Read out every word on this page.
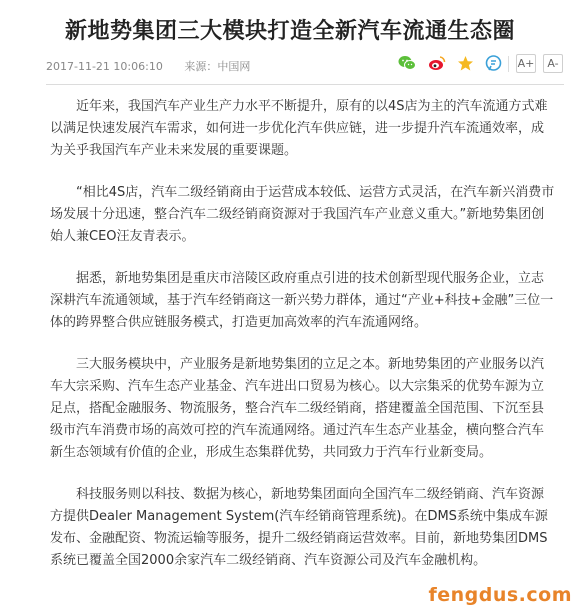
新地势集团三大模块打造全新汽车流通生态圈
2017-11-21 10:06:10 来源：中国网	A+	A-

近年来，我国汽车产业生产力水平不断提升，原有的以4S店为主的汽车流通方式难以满足快速发展汽车需求，如何进一步优化汽车供应链，进一步提升汽车流通效率，成为关乎我国汽车产业未来发展的重要课题。

“相比4S店，汽车二级经销商由于运营成本较低、运营方式灵活，在汽车新兴消费市场发展十分迅速，整合汽车二级经销商资源对于我国汽车产业意义重大。”新地势集团创始人兼CEO汪友青表示。

据悉，新地势集团是重庆市涪陵区政府重点引进的技术创新型现代服务企业，立志深耕汽车流通领域，基于汽车经销商这一新兴势力群体，通过“产业+科技+金融”三位一体的跨界整合供应链服务模式，打造更加高效率的汽车流通网络。

三大服务模块中，产业服务是新地势集团的立足之本。新地势集团的产业服务以汽车大宗采购、汽车生态产业基金、汽车进出口贸易为核心。以大宗集采的优势车源为立足点，搭配金融服务、物流服务，整合汽车二级经销商，搭建覆盖全国范围、下沉至县级市汽车消费市场的高效可控的汽车流通网络。通过汽车生态产业基金，横向整合汽车新生态领域有价值的企业，形成生态集群优势，共同致力于汽车行业新变局。

科技服务则以科技、数据为核心，新地势集团面向全国汽车二级经销商、汽车资源方提供Dealer Management System(汽车经销商管理系统)。在DMS系统中集成车源发布、金融配资、物流运输等服务，提升二级经销商运营效率。目前，新地势集团DMS系统已覆盖全国2000余家汽车二级经销商、汽车资源公司及汽车金融机构。

fengdus.com
